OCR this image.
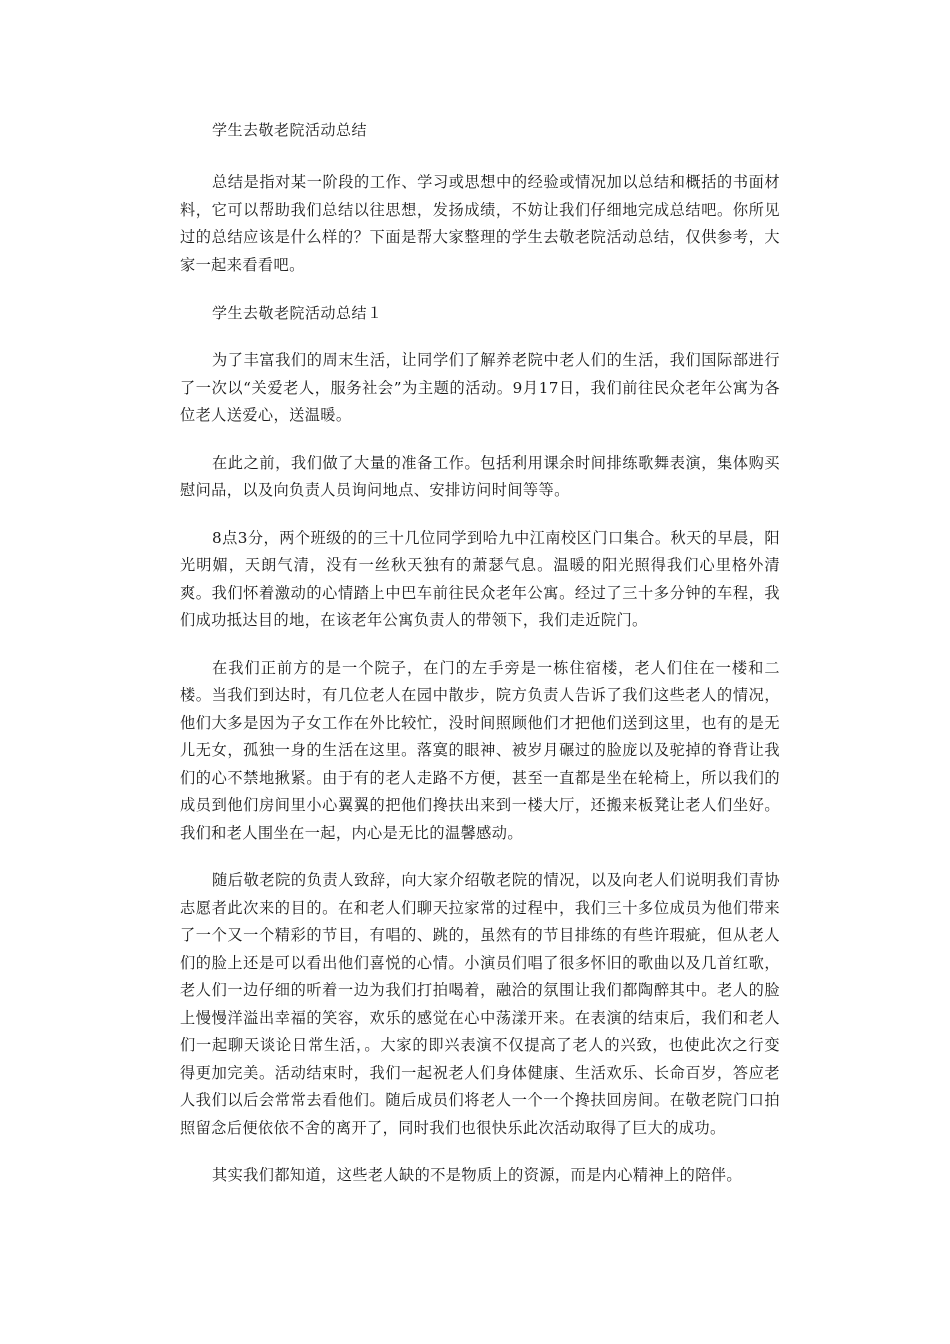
学生去敬老院活动总结

总结是指对某一阶段的工作、学习或思想中的经验或情况加以总结和概括的书面材料，它可以帮助我们总结以往思想，发扬成绩，不妨让我们仔细地完成总结吧。你所见过的总结应该是什么样的？下面是帮大家整理的学生去敬老院活动总结，仅供参考，大家一起来看看吧。

学生去敬老院活动总结１

为了丰富我们的周末生活，让同学们了解养老院中老人们的生活，我们国际部进行了一次以“关爱老人，服务社会”为主题的活动。9月17日，我们前往民众老年公寓为各位老人送爱心，送温暖。

在此之前，我们做了大量的准备工作。包括利用课余时间排练歌舞表演，集体购买慰问品，以及向负责人员询问地点、安排访问时间等等。

8点3分，两个班级的的三十几位同学到哈九中江南校区门口集合。秋天的早晨，阳光明媚，天朗气清，没有一丝秋天独有的萧瑟气息。温暖的阳光照得我们心里格外清爽。我们怀着激动的心情踏上中巴车前往民众老年公寓。经过了三十多分钟的车程，我们成功抵达目的地，在该老年公寓负责人的带领下，我们走近院门。

在我们正前方的是一个院子，在门的左手旁是一栋住宿楼，老人们住在一楼和二楼。当我们到达时，有几位老人在园中散步，院方负责人告诉了我们这些老人的情况，他们大多是因为子女工作在外比较忙，没时间照顾他们才把他们送到这里，也有的是无儿无女，孤独一身的生活在这里。落寞的眼神、被岁月碾过的脸庞以及驼掉的脊背让我们的心不禁地揪紧。由于有的老人走路不方便，甚至一直都是坐在轮椅上，所以我们的成员到他们房间里小心翼翼的把他们搀扶出来到一楼大厅，还搬来板凳让老人们坐好。我们和老人围坐在一起，内心是无比的温馨感动。

随后敬老院的负责人致辞，向大家介绍敬老院的情况，以及向老人们说明我们青协志愿者此次来的目的。在和老人们聊天拉家常的过程中，我们三十多位成员为他们带来了一个又一个精彩的节目，有唱的、跳的，虽然有的节目排练的有些许瑕疵，但从老人们的脸上还是可以看出他们喜悦的心情。小演员们唱了很多怀旧的歌曲以及几首红歌，老人们一边仔细的听着一边为我们打拍喝着，融洽的氛围让我们都陶醉其中。老人的脸上慢慢洋溢出幸福的笑容，欢乐的感觉在心中荡漾开来。在表演的结束后，我们和老人们一起聊天谈论日常生活，。大家的即兴表演不仅提高了老人的兴致，也使此次之行变得更加完美。活动结束时，我们一起祝老人们身体健康、生活欢乐、长命百岁，答应老人我们以后会常常去看他们。随后成员们将老人一个一个搀扶回房间。在敬老院门口拍照留念后便依依不舍的离开了，同时我们也很快乐此次活动取得了巨大的成功。

其实我们都知道，这些老人缺的不是物质上的资源，而是内心精神上的陪伴。
